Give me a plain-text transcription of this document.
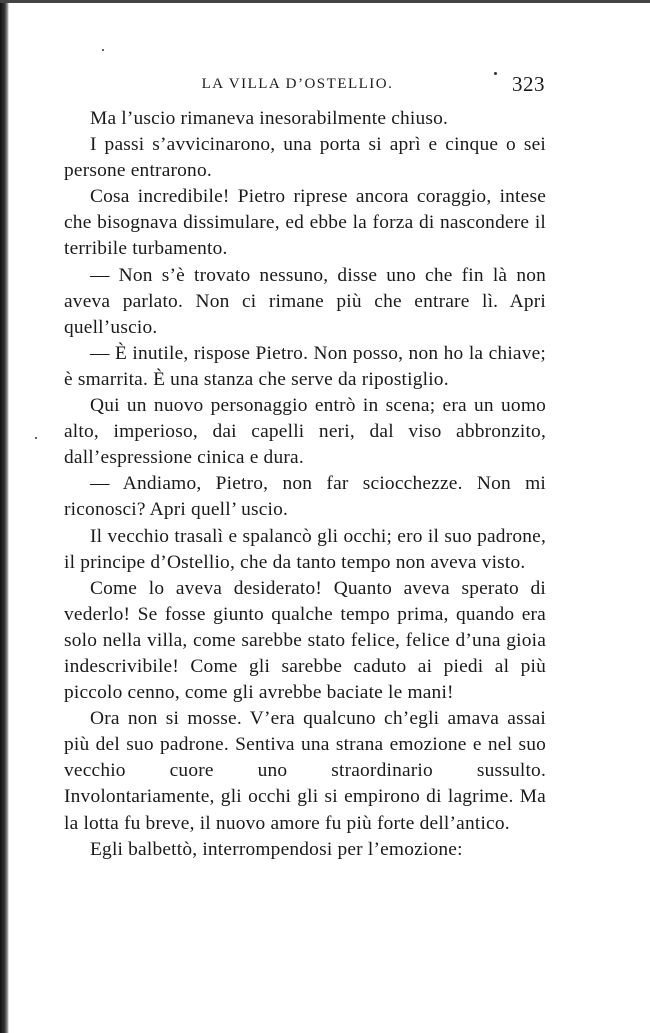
LA VILLA D’OSTELLIO.	323

Ma l’uscio rimaneva inesorabilmente chiuso.

I passi s’avvicinarono, una porta si aprì e cinque o sei persone entrarono.

Cosa incredibile! Pietro riprese ancora coraggio, intese che bisognava dissimulare, ed ebbe la forza di nascondere il terribile turbamento.

— Non s’è trovato nessuno, disse uno che fin là non aveva parlato. Non ci rimane più che entrare lì. Apri quell’uscio.

— È inutile, rispose Pietro. Non posso, non ho la chiave; è smarrita. È una stanza che serve da ripostiglio.

Qui un nuovo personaggio entrò in scena; era un uomo alto, imperioso, dai capelli neri, dal viso abbronzito, dall’espressione cinica e dura.

— Andiamo, Pietro, non far sciocchezze. Non mi riconosci? Apri quell’ uscio.

Il vecchio trasalì e spalancò gli occhi; ero il suo padrone, il principe d’Ostellio, che da tanto tempo non aveva visto.

Come lo aveva desiderato! Quanto aveva sperato di vederlo! Se fosse giunto qualche tempo prima, quando era solo nella villa, come sarebbe stato felice, felice d’una gioia indescrivibile! Come gli sarebbe caduto ai piedi al più piccolo cenno, come gli avrebbe baciate le mani!

Ora non si mosse. V’era qualcuno ch’egli amava assai più del suo padrone. Sentiva una strana emozione e nel suo vecchio cuore uno straordinario sussulto. Involontariamente, gli occhi gli si empirono di lagrime. Ma la lotta fu breve, il nuovo amore fu più forte dell’antico.

Egli balbettò, interrompendosi per l’emozione:
